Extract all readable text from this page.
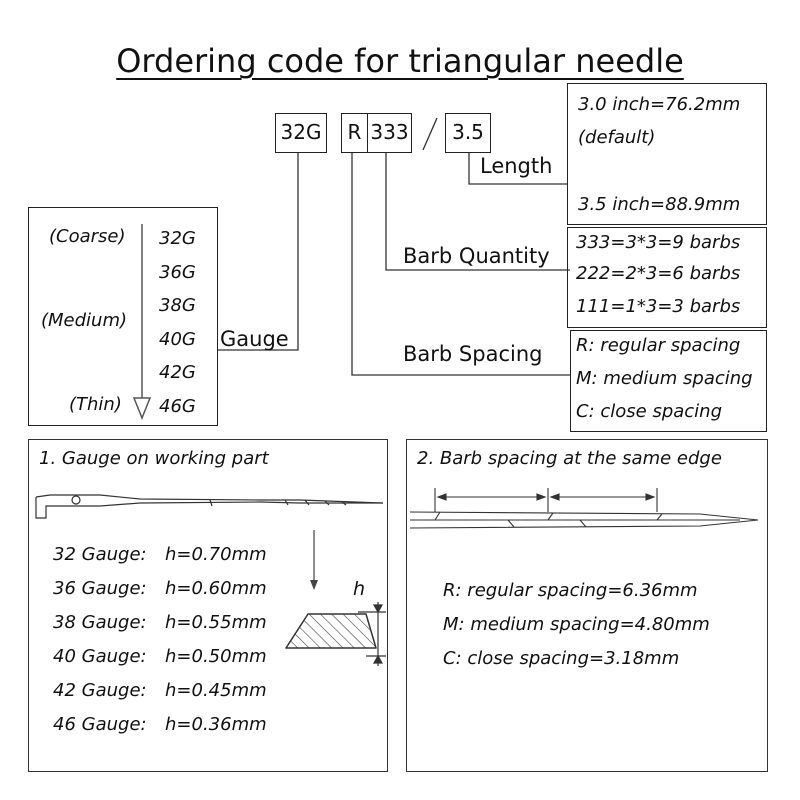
Ordering code for triangular needle
32G	R 333	3.5
Length
Barb Quantity
Barb Spacing
Gauge
3.0 inch=76.2mm
(default)
3.5 inch=88.9mm
333=3*3=9 barbs
222=2*3=6 barbs
111=1*3=3 barbs
R: regular spacing
M: medium spacing
C: close spacing
(Coarse)
(Medium)
(Thin)
32G
36G
38G
40G
42G
46G
1. Gauge on working part
h
32 Gauge: h=0.70mm
36 Gauge: h=0.60mm
38 Gauge: h=0.55mm
40 Gauge: h=0.50mm
42 Gauge: h=0.45mm
46 Gauge: h=0.36mm
2. Barb spacing at the same edge
R: regular spacing=6.36mm
M: medium spacing=4.80mm
C: close spacing=3.18mm
